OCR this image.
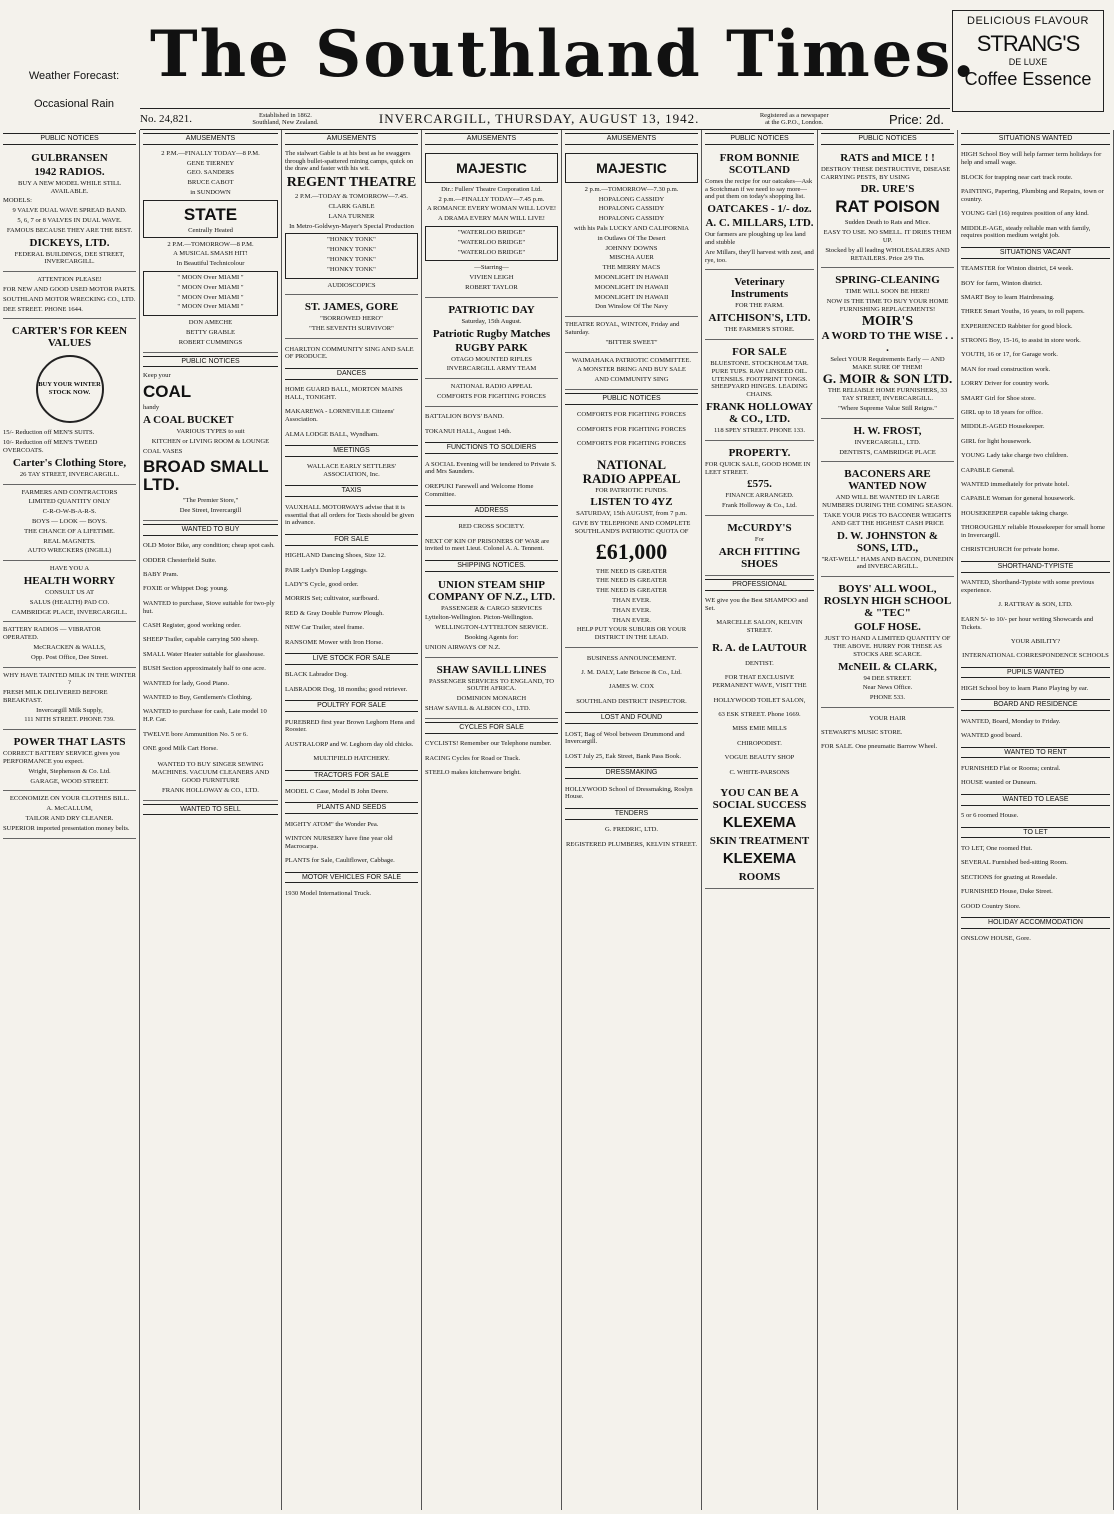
Weather Forecast:
Occasional Rain
The Southland Times.
DELICIOUS FLAVOUR
STRANG'S
DE LUXE
Coffee Essence
No. 24,821.	Established in 1862.
Southland, New Zealand.	INVERCARGILL, THURSDAY, AUGUST 13, 1942.	Registered as a newspaper
at the G.P.O., London.	Price: 2d.
PUBLIC NOTICES
GULBRANSEN
1942 RADIOS.

BUY A NEW MODEL WHILE STILL AVAILABLE.

MODELS:

9 VALVE DUAL WAVE SPREAD BAND.

5, 6, 7 or 8 VALVES IN DUAL WAVE.

FAMOUS BECAUSE THEY ARE THE BEST.

DICKEYS, LTD.

FEDERAL BUILDINGS, DEE STREET, INVERCARGILL.

ATTENTION PLEASE!

FOR NEW AND GOOD USED MOTOR PARTS.

SOUTHLAND MOTOR WRECKING CO., LTD.

DEE STREET. PHONE 1644.

CARTER'S FOR KEEN VALUES
BUY YOUR WINTER STOCK NOW.

15/- Reduction off MEN'S SUITS.

10/- Reduction off MEN'S TWEED OVERCOATS.

Carter's Clothing Store,

26 TAY STREET, INVERCARGILL.

FARMERS AND CONTRACTORS

LIMITED QUANTITY ONLY

C-R-O-W-B-A-R-S.

BOYS — LOOK — BOYS.

THE CHANCE OF A LIFETIME.

REAL MAGNETS.

AUTO WRECKERS (INGILL)

HAVE YOU A

HEALTH WORRY

CONSULT US AT

SALUS (HEALTH) PAD CO.

CAMBRIDGE PLACE, INVERCARGILL.

BATTERY RADIOS — VIBRATOR OPERATED.

McCRACKEN & WALLS,

Opp. Post Office, Dee Street.

WHY HAVE TAINTED MILK IN THE WINTER ?

FRESH MILK DELIVERED BEFORE BREAKFAST.

Invercargill Milk Supply,

111 NITH STREET. PHONE 739.

POWER THAT LASTS

CORRECT BATTERY SERVICE gives you PERFORMANCE you expect.

Wright, Stephenson & Co. Ltd.

GARAGE, WOOD STREET.

ECONOMIZE ON YOUR CLOTHES BILL.

A. McCALLUM,

TAILOR AND DRY CLEANER.

SUPERIOR imported presentation money belts.

AMUSEMENTS

2 P.M.—FINALLY TODAY—8 P.M.

GENE TIERNEY

GEO. SANDERS

BRUCE CABOT

in SUNDOWN

STATE
Centrally Heated

2 P.M.—TOMORROW—8 P.M.

A MUSICAL SMASH HIT!

In Beautiful Technicolour

" MOON Over MIAMI "

" MOON Over MIAMI "

" MOON Over MIAMI "

" MOON Over MIAMI "

DON AMECHE

BETTY GRABLE

ROBERT CUMMINGS

PUBLIC NOTICES

Keep your

COAL

handy

A COAL BUCKET

VARIOUS TYPES to suit

KITCHEN or LIVING ROOM & LOUNGE

COAL VASES

BROAD SMALL LTD.

"The Premier Store,"

Dee Street, Invercargill

WANTED TO BUY

OLD Motor Bike, any condition; cheap spot cash.

ODDER Chesterfield Suite.

BABY Pram.

FOXIE or Whippet Dog; young.

WANTED to purchase, Stove suitable for two-ply hut.

CASH Register, good working order.

SHEEP Trailer, capable carrying 500 sheep.

SMALL Water Heater suitable for glasshouse.

BUSH Section approximately half to one acre.

WANTED for lady, Good Piano.

WANTED to Buy, Gentlemen's Clothing.

WANTED to purchase for cash, Late model 10 H.P. Car.

TWELVE bore Ammunition No. 5 or 6.

ONE good Milk Cart Horse.

WANTED TO BUY SINGER SEWING MACHINES. VACUUM CLEANERS AND GOOD FURNITURE

FRANK HOLLOWAY & CO., LTD.

WANTED TO SELL
AMUSEMENTS

The stalwart Gable is at his best as he swaggers through bullet-spattered mining camps, quick on the draw and faster with his wit.

REGENT THEATRE

2 P.M.—TODAY & TOMORROW—7.45.

CLARK GABLE

LANA TURNER

In Metro-Goldwyn-Mayer's Special Production

"HONKY TONK"

"HONKY TONK"

"HONKY TONK"

"HONKY TONK"

AUDIOSCOPICS

ST. JAMES, GORE

"BORROWED HERO"

"THE SEVENTH SURVIVOR"

CHARLTON COMMUNITY SING AND SALE OF PRODUCE.

DANCES

HOME GUARD BALL, MORTON MAINS HALL, TONIGHT.

MAKAREWA - LORNEVILLE Citizens' Association.

ALMA LODGE BALL, Wyndham.

MEETINGS

WALLACE EARLY SETTLERS' ASSOCIATION, Inc.

TAXIS

VAUXHALL MOTORWAYS advise that it is essential that all orders for Taxis should be given in advance.

FOR SALE

HIGHLAND Dancing Shoes, Size 12.

PAIR Lady's Dunlop Leggings.

LADY'S Cycle, good order.

MORRIS Set; cultivator, surfboard.

RED & Gray Double Furrow Plough.

NEW Car Trailer, steel frame.

RANSOME Mower with Iron Horse.

LIVE STOCK FOR SALE

BLACK Labrador Dog.

LABRADOR Dog, 18 months; good retriever.

POULTRY FOR SALE

PUREBRED first year Brown Leghorn Hens and Rooster.

AUSTRALORP and W. Leghorn day old chicks.

MULTIFIELD HATCHERY.

TRACTORS FOR SALE

MODEL C Case, Model B John Deere.

PLANTS AND SEEDS

MIGHTY ATOM" the Wonder Pea.

WINTON NURSERY have fine year old Macrocarpa.

PLANTS for Sale, Cauliflower, Cabbage.

MOTOR VEHICLES FOR SALE

1930 Model International Truck.

AMUSEMENTS
MAJESTIC

Dir.: Fullers' Theatre Corporation Ltd.

2 p.m.—FINALLY TODAY—7.45 p.m.

A ROMANCE EVERY WOMAN WILL LOVE!

A DRAMA EVERY MAN WILL LIVE!

"WATERLOO BRIDGE"

"WATERLOO BRIDGE"

"WATERLOO BRIDGE"

—Starring—

VIVIEN LEIGH

ROBERT TAYLOR

PATRIOTIC DAY

Saturday, 15th August.

Patriotic Rugby Matches
RUGBY PARK

OTAGO MOUNTED RIFLES

INVERCARGILL ARMY TEAM

NATIONAL RADIO APPEAL

COMFORTS FOR FIGHTING FORCES

BATTALION BOYS' BAND.

TOKANUI HALL, August 14th.

FUNCTIONS TO SOLDIERS

A SOCIAL Evening will be tendered to Private S. and Mrs Saunders.

OREPUKI Farewell and Welcome Home Committee.

ADDRESS

RED CROSS SOCIETY.

NEXT OF KIN OF PRISONERS OF WAR are invited to meet Lieut. Colonel A. A. Tennent.

SHIPPING NOTICES.
UNION STEAM SHIP COMPANY OF N.Z., LTD.

PASSENGER & CARGO SERVICES

Lyttelton-Wellington. Picton-Wellington.

WELLINGTON-LYTTELTON SERVICE.

Booking Agents for:

UNION AIRWAYS OF N.Z.

SHAW SAVILL LINES

PASSENGER SERVICES TO ENGLAND, TO SOUTH AFRICA.

DOMINION MONARCH

SHAW SAVILL & ALBION CO., LTD.

CYCLES FOR SALE

CYCLISTS! Remember our Telephone number.

RACING Cycles for Road or Track.

STEELO makes kitchenware bright.

AMUSEMENTS
MAJESTIC

2 p.m.—TOMORROW—7.30 p.m.

HOPALONG CASSIDY

HOPALONG CASSIDY

HOPALONG CASSIDY

with his Pals LUCKY AND CALIFORNIA

in Outlaws Of The Desert

JOHNNY DOWNS

MISCHA AUER

THE MERRY MACS

MOONLIGHT IN HAWAII

MOONLIGHT IN HAWAII

MOONLIGHT IN HAWAII

Don Winslow Of The Navy

THEATRE ROYAL, WINTON, Friday and Saturday.

"BITTER SWEET"

WAIMAHAKA PATRIOTIC COMMITTEE.

A MONSTER BRING AND BUY SALE

AND COMMUNITY SING

PUBLIC NOTICES

COMFORTS FOR FIGHTING FORCES

COMFORTS FOR FIGHTING FORCES

COMFORTS FOR FIGHTING FORCES

NATIONAL
RADIO APPEAL

FOR PATRIOTIC FUNDS.

LISTEN TO 4YZ

SATURDAY, 15th AUGUST, from 7 p.m.

GIVE BY TELEPHONE AND COMPLETE SOUTHLAND'S PATRIOTIC QUOTA OF

£61,000

THE NEED IS GREATER

THE NEED IS GREATER

THE NEED IS GREATER

THAN EVER.

THAN EVER.

THAN EVER.

HELP PUT YOUR SUBURB OR YOUR DISTRICT IN THE LEAD.

BUSINESS ANNOUNCEMENT.

J. M. DALY, Late Briscoe & Co., Ltd.

JAMES W. COX

SOUTHLAND DISTRICT INSPECTOR.

LOST AND FOUND

LOST, Bag of Wool between Drummond and Invercargill.

LOST July 25, Eak Street, Bank Pass Book.

DRESSMAKING

HOLLYWOOD School of Dressmaking, Roslyn House.

TENDERS

G. FREDRIC, LTD.

REGISTERED PLUMBERS, KELVIN STREET.

PUBLIC NOTICES
FROM BONNIE SCOTLAND

Comes the recipe for our oatcakes—Ask a Scotchman if we need to say more—and put them on today's shopping list.

OATCAKES - 1/- doz.
A. C. MILLARS, LTD.

Our farmers are ploughing up lea land and stubble

Are Millars, they'll harvest with zest, and rye, too.

Veterinary Instruments

FOR THE FARM.

AITCHISON'S, LTD.

THE FARMER'S STORE.

FOR SALE

BLUESTONE. STOCKHOLM TAR. PURE TUPS. RAW LINSEED OIL. UTENSILS. FOOTPRINT TONGS. SHEEPYARD HINGES. LEADING CHAINS.

FRANK HOLLOWAY & CO., LTD.

118 SPEY STREET. PHONE 133.

PROPERTY.

FOR QUICK SALE, GOOD HOME IN LEET STREET.

£575.

FINANCE ARRANGED.

Frank Holloway & Co., Ltd.

McCURDY'S

For

ARCH FITTING SHOES
PROFESSIONAL

WE give you the Best SHAMPOO and Set.

MARCELLE SALON, KELVIN STREET.

R. A. de LAUTOUR

DENTIST.

FOR THAT EXCLUSIVE PERMANENT WAVE, VISIT THE

HOLLYWOOD TOILET SALON,

63 ESK STREET. Phone 1669.

MISS EMIE MILLS

CHIROPODIST.

VOGUE BEAUTY SHOP

C. WHITE-PARSONS

YOU CAN BE A SOCIAL SUCCESS
KLEXEMA
SKIN TREATMENT
KLEXEMA
ROOMS
PUBLIC NOTICES
RATS and MICE ! !

DESTROY THESE DESTRUCTIVE, DISEASE CARRYING PESTS, BY USING

DR. URE'S
RAT POISON

Sudden Death to Rats and Mice.

EASY TO USE. NO SMELL. IT DRIES THEM UP.

Stocked by all leading WHOLESALERS AND RETAILERS. Price 2/9 Tin.

SPRING-CLEANING

TIME WILL SOON BE HERE!

NOW IS THE TIME TO BUY YOUR HOME FURNISHING REPLACEMENTS!

MOIR'S
A WORD TO THE WISE . . .

Select YOUR Requirements Early — AND MAKE SURE OF THEM!

G. MOIR & SON LTD.

THE RELIABLE HOME FURNISHERS, 33 TAY STREET, INVERCARGILL.

"Where Supreme Value Still Reigns."

H. W. FROST,

INVERCARGILL, LTD.

DENTISTS, CAMBRIDGE PLACE

BACONERS ARE WANTED NOW

AND WILL BE WANTED IN LARGE NUMBERS DURING THE COMING SEASON.

TAKE YOUR PIGS TO BACONER WEIGHTS AND GET THE HIGHEST CASH PRICE

D. W. JOHNSTON & SONS, LTD.,

"RAT-WELL" HAMS AND BACON, DUNEDIN and INVERCARGILL.

BOYS' ALL WOOL, ROSLYN HIGH SCHOOL & "TEC"
GOLF HOSE.

JUST TO HAND A LIMITED QUANTITY OF THE ABOVE. HURRY FOR THESE AS STOCKS ARE SCARCE.

McNEIL & CLARK,

94 DEE STREET.

Near News Office.

PHONE 533.

YOUR HAIR

STEWART'S MUSIC STORE.

FOR SALE. One pneumatic Barrow Wheel.

SITUATIONS WANTED

HIGH School Boy will help farmer term holidays for help and small wage.

BLOCK for trapping near cart track route.

PAINTING, Papering, Plumbing and Repairs, town or country.

YOUNG Girl (16) requires position of any kind.

MIDDLE-AGE, steady reliable man with family, requires position medium weight job.

SITUATIONS VACANT

TEAMSTER for Winton district, £4 week.

BOY for farm, Winton district.

SMART Boy to learn Hairdressing.

THREE Smart Youths, 16 years, to roll papers.

EXPERIENCED Rabbiter for good block.

STRONG Boy, 15-16, to assist in store work.

YOUTH, 16 or 17, for Garage work.

MAN for road construction work.

LORRY Driver for country work.

SMART Girl for Shoe store.

GIRL up to 18 years for office.

MIDDLE-AGED Housekeeper.

GIRL for light housework.

YOUNG Lady take charge two children.

CAPABLE General.

WANTED immediately for private hotel.

CAPABLE Woman for general housework.

HOUSEKEEPER capable taking charge.

THOROUGHLY reliable Housekeeper for small home in Invercargill.

CHRISTCHURCH for private home.

SHORTHAND-TYPISTE

WANTED, Shorthand-Typiste with some previous experience.

J. RATTRAY & SON, LTD.

EARN 5/- to 10/- per hour writing Showcards and Tickets.

YOUR ABILITY?

INTERNATIONAL CORRESPONDENCE SCHOOLS

PUPILS WANTED

HIGH School boy to learn Piano Playing by ear.

BOARD AND RESIDENCE

WANTED, Board, Monday to Friday.

WANTED good board.

WANTED TO RENT

FURNISHED Flat or Rooms; central.

HOUSE wanted or Dunearn.

WANTED TO LEASE

5 or 6 roomed House.

TO LET

TO LET, One roomed Hut.

SEVERAL Furnished bed-sitting Room.

SECTIONS for grazing at Rosedale.

FURNISHED House, Duke Street.

GOOD Country Store.

HOLIDAY ACCOMMODATION

ONSLOW HOUSE, Gore.
